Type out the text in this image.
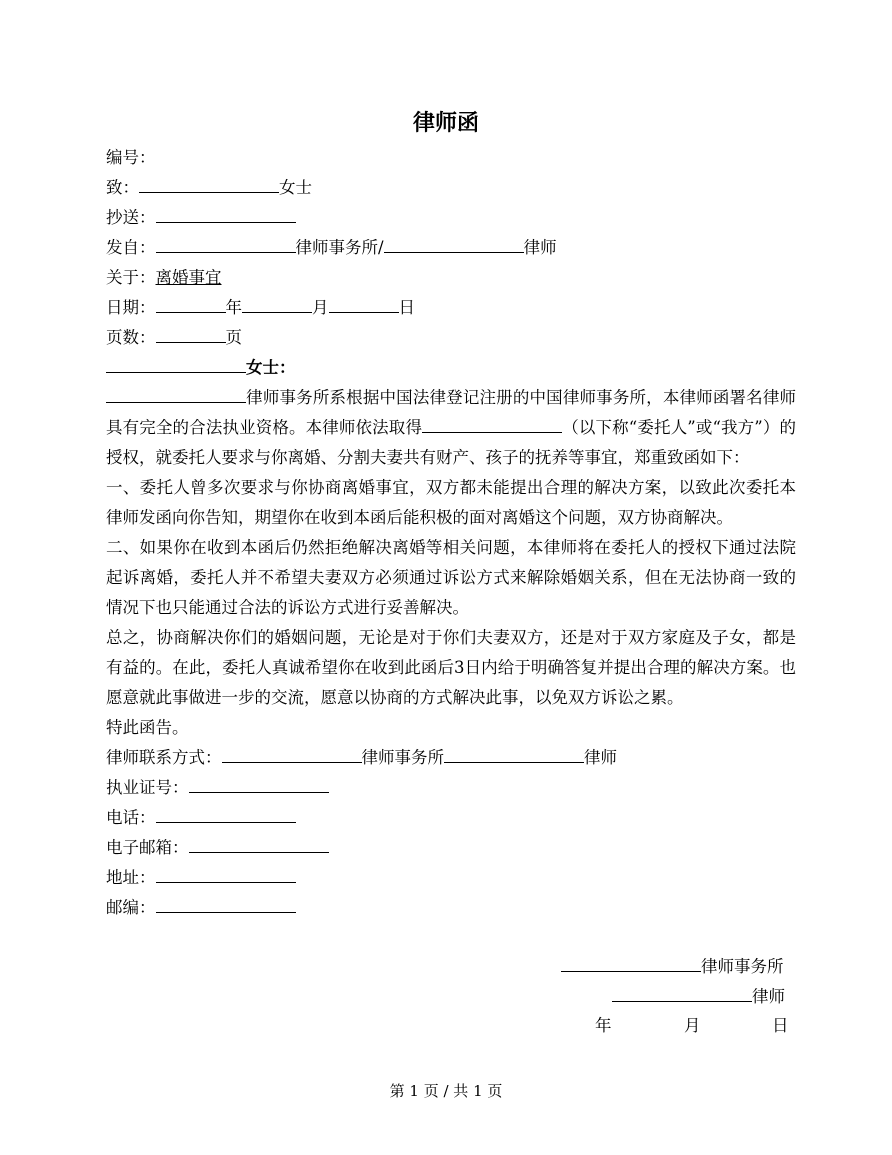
律师函
编号：
致：	女士
抄送：
发自：	律师事务所/	律师
关于：离婚事宜
日期：	年	月	日
页数：	页
女士：
律师事务所系根据中国法律登记注册的中国律师事务所，本律师函署名律师具有完全的合法执业资格。本律师依法取得	（以下称“委托人”或“我方”）的授权，就委托人要求与你离婚、分割夫妻共有财产、孩子的抚养等事宜，郑重致函如下：
一、委托人曾多次要求与你协商离婚事宜，双方都未能提出合理的解决方案，以致此次委托本律师发函向你告知，期望你在收到本函后能积极的面对离婚这个问题，双方协商解决。
二、如果你在收到本函后仍然拒绝解决离婚等相关问题，本律师将在委托人的授权下通过法院起诉离婚，委托人并不希望夫妻双方必须通过诉讼方式来解除婚姻关系，但在无法协商一致的情况下也只能通过合法的诉讼方式进行妥善解决。
总之，协商解决你们的婚姻问题，无论是对于你们夫妻双方，还是对于双方家庭及子女，都是有益的。在此，委托人真诚希望你在收到此函后3日内给于明确答复并提出合理的解决方案。也愿意就此事做进一步的交流，愿意以协商的方式解决此事，以免双方诉讼之累。
特此函告。
律师联系方式：	律师事务所	律师
执业证号：
电话：
电子邮箱：
地址：
邮编：
律师事务所
律师
年	月	日
第 1 页 / 共 1 页
